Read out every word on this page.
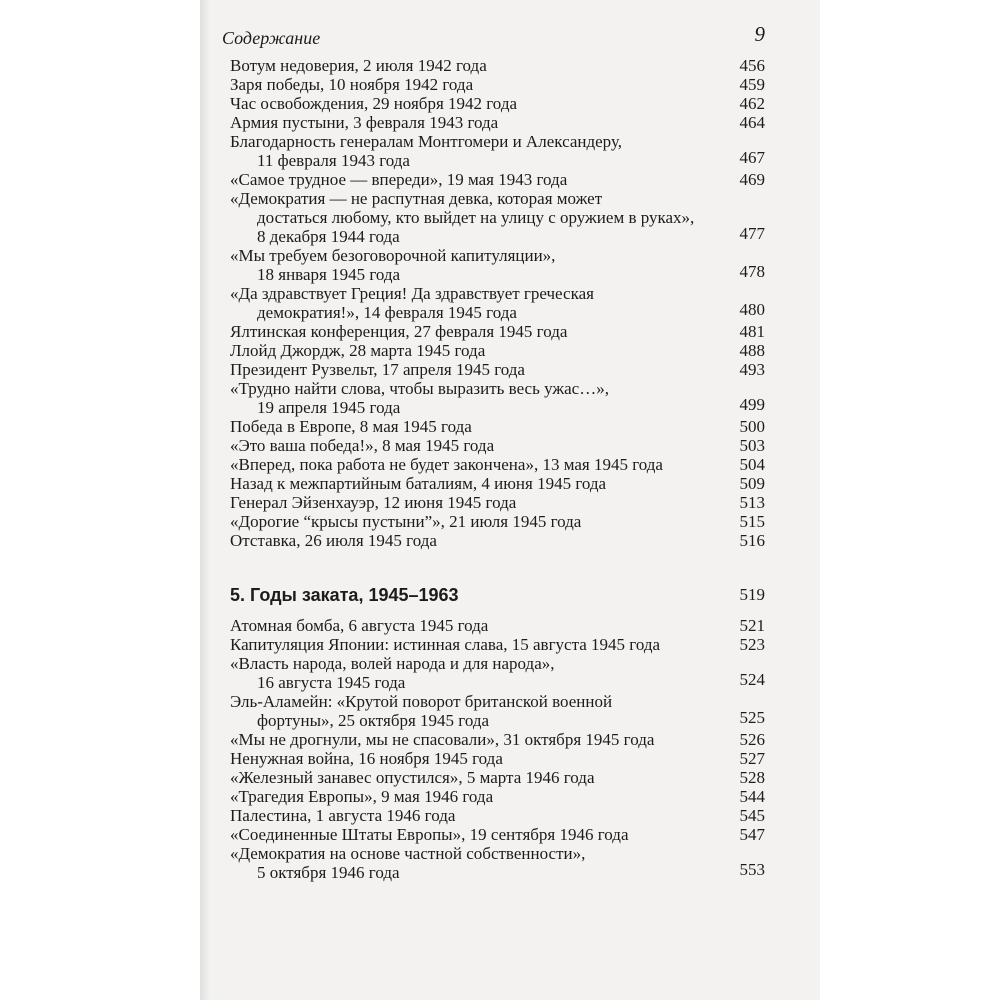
Содержание	9
Вотум недоверия, 2 июля 1942 года	456
Заря победы, 10 ноября 1942 года	459
Час освобождения, 29 ноября 1942 года	462
Армия пустыни, 3 февраля 1943 года	464
Благодарность генералам Монтгомери и Александеру,
11 февраля 1943 года	467
«Самое трудное — впереди», 19 мая 1943 года	469
«Демократия — не распутная девка, которая может
достаться любому, кто выйдет на улицу с оружием в руках»,
8 декабря 1944 года	477
«Мы требуем безоговорочной капитуляции»,
18 января 1945 года	478
«Да здравствует Греция! Да здравствует греческая
демократия!», 14 февраля 1945 года	480
Ялтинская конференция, 27 февраля 1945 года	481
Ллойд Джордж, 28 марта 1945 года	488
Президент Рузвельт, 17 апреля 1945 года	493
«Трудно найти слова, чтобы выразить весь ужас…»,
19 апреля 1945 года	499
Победа в Европе, 8 мая 1945 года	500
«Это ваша победа!», 8 мая 1945 года	503
«Вперед, пока работа не будет закончена», 13 мая 1945 года	504
Назад к межпартийным баталиям, 4 июня 1945 года	509
Генерал Эйзенхауэр, 12 июня 1945 года	513
«Дорогие “крысы пустыни”», 21 июля 1945 года	515
Отставка, 26 июля 1945 года	516
5. Годы заката, 1945–1963	519
Атомная бомба, 6 августа 1945 года	521
Капитуляция Японии: истинная слава, 15 августа 1945 года	523
«Власть народа, волей народа и для народа»,
16 августа 1945 года	524
Эль-Аламейн: «Крутой поворот британской военной
фортуны», 25 октября 1945 года	525
«Мы не дрогнули, мы не спасовали», 31 октября 1945 года	526
Ненужная война, 16 ноября 1945 года	527
«Железный занавес опустился», 5 марта 1946 года	528
«Трагедия Европы», 9 мая 1946 года	544
Палестина, 1 августа 1946 года	545
«Соединенные Штаты Европы», 19 сентября 1946 года	547
«Демократия на основе частной собственности»,
5 октября 1946 года	553
